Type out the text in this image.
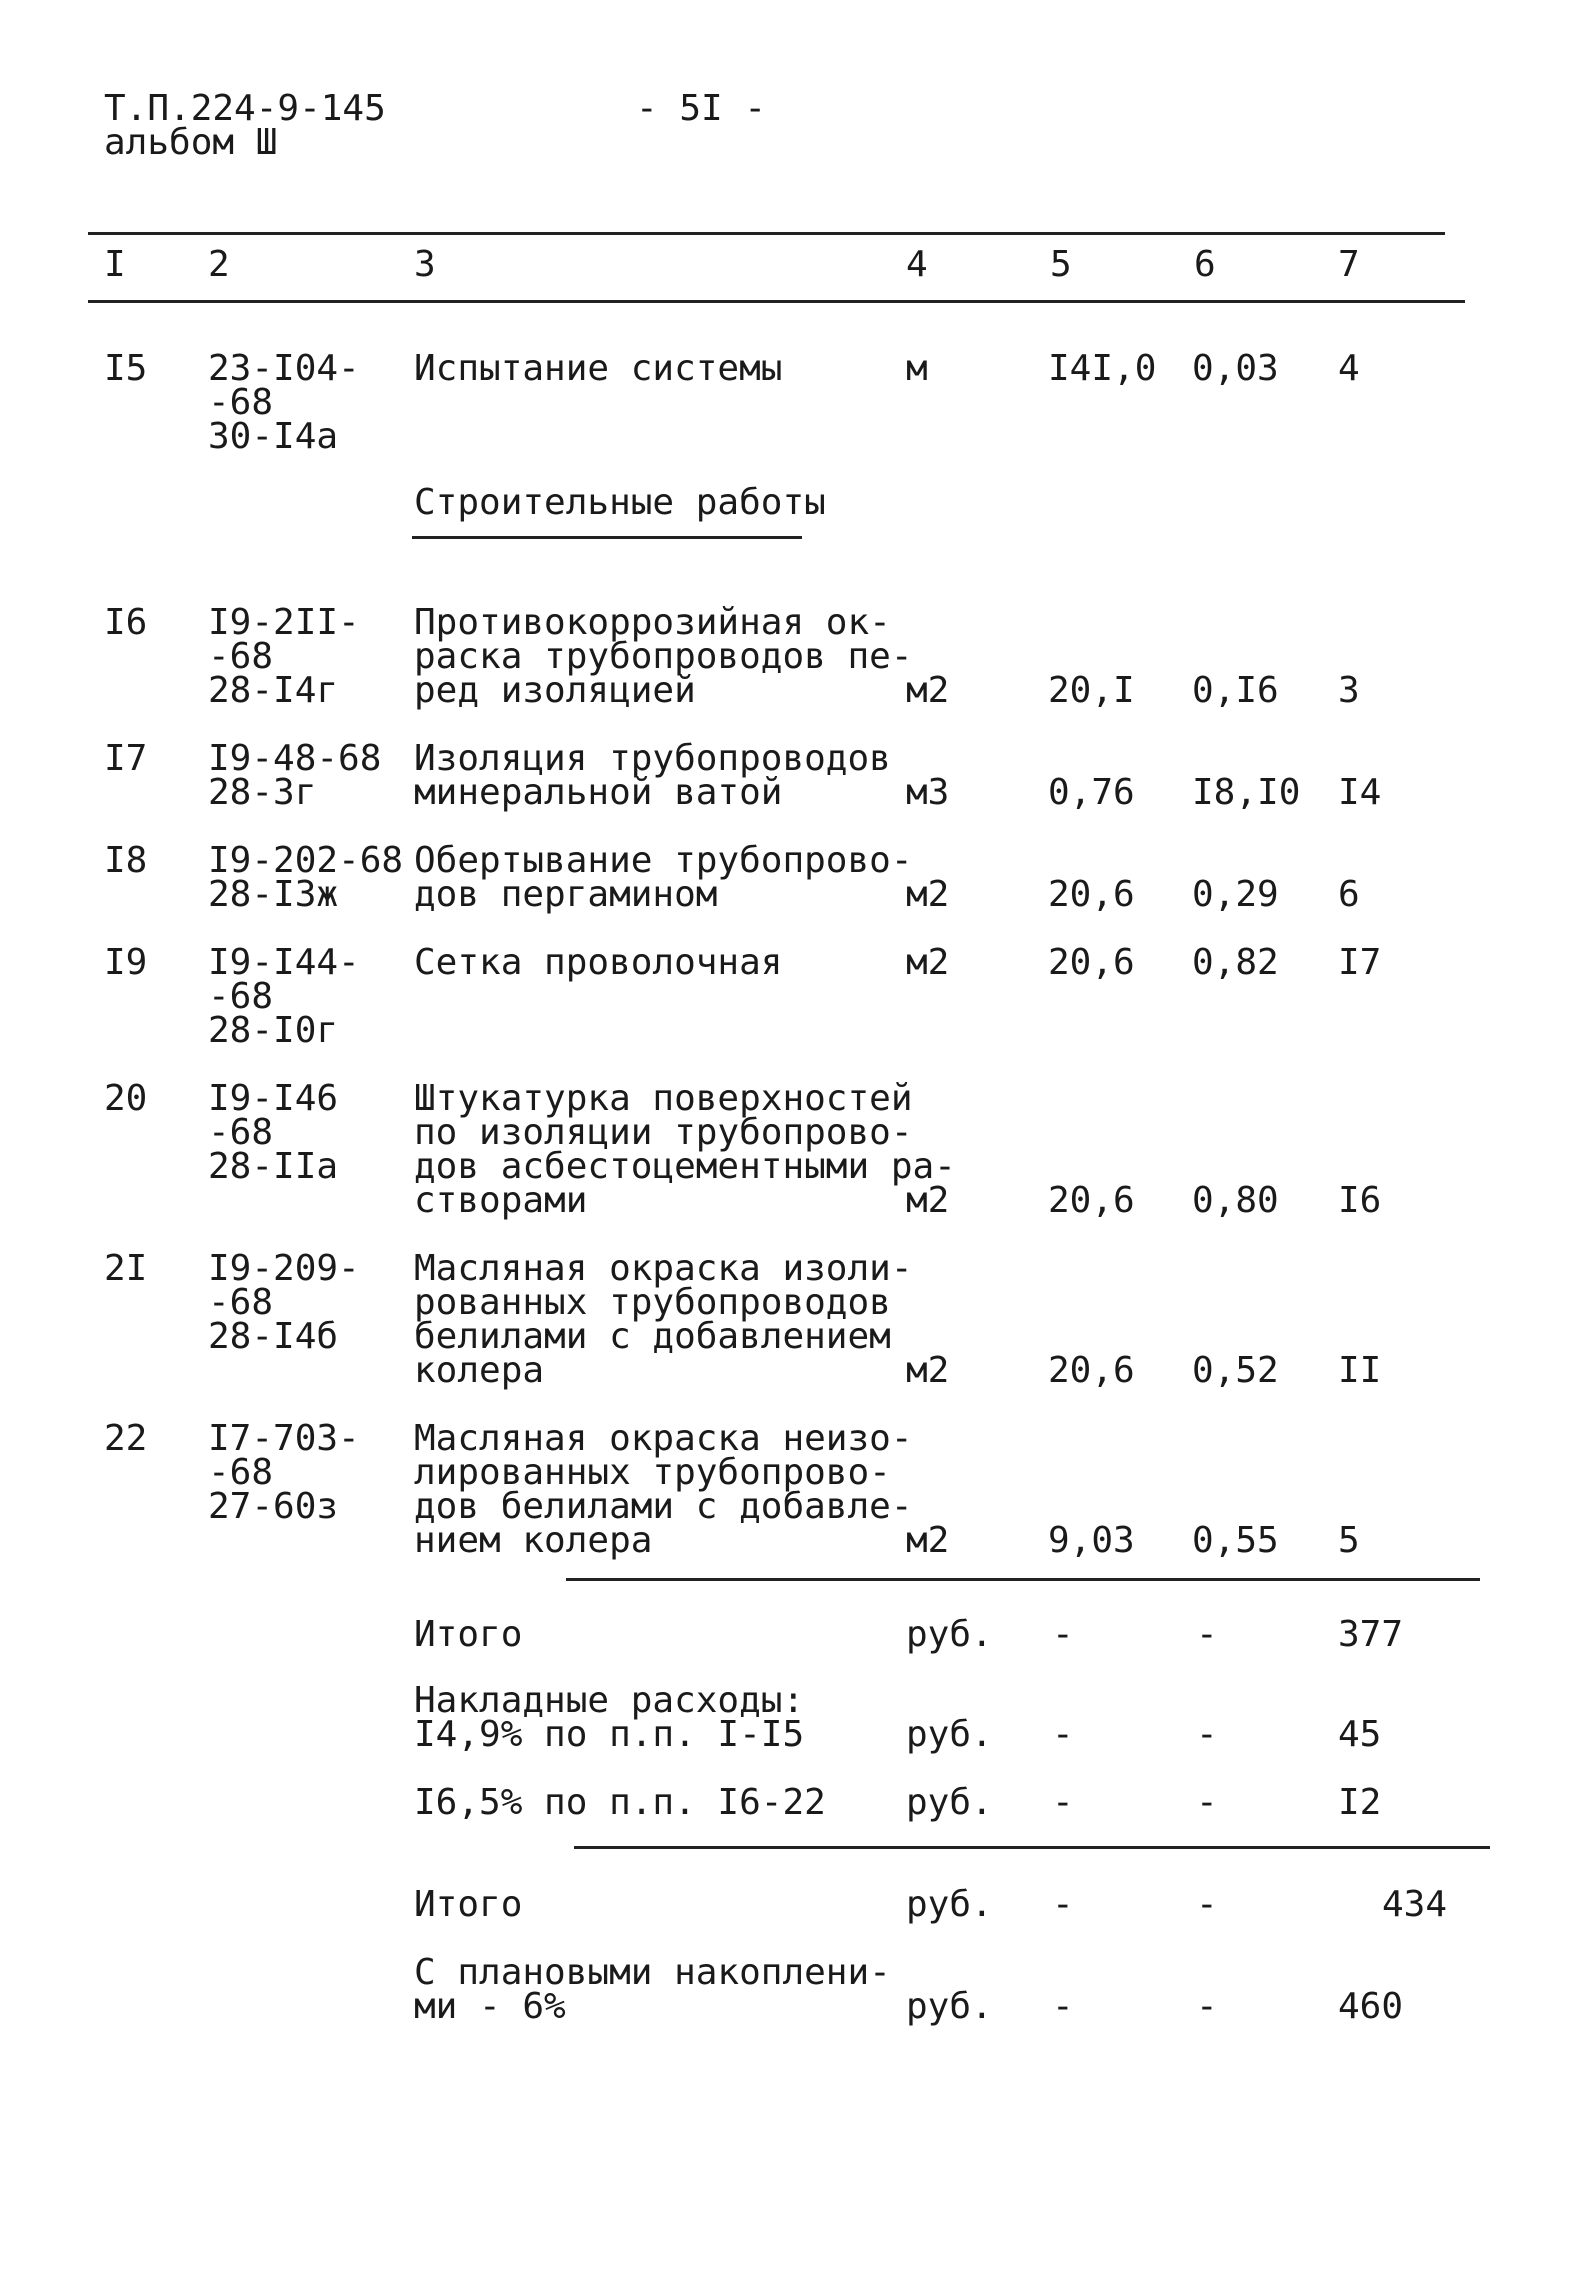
Т.П.224-9-145
альбом Ш
- 5I -
I 2	3	4	5	6	7
I5 23-I04-
-68
30-I4a
Испытание системы	м	I4I,0 0,03 4
Строительные работы
I6 I9-2II-
-68
28-I4г
Противокоррозийная ок-
раска трубопроводов пе-
ред изоляцией	м2	20,I 0,I6 3
I7 I9-48-68
28-3г
Изоляция трубопроводов
минеральной ватой	м3	0,76 I8,I0 I4
I8 I9-202-68
28-I3ж
Обертывание трубопрово-
дов пергамином	м2	20,6 0,29 6
I9 I9-I44-
-68
28-I0г
Сетка проволочная	м2	20,6 0,82 I7
20 I9-I46
-68
28-IIa
Штукатурка поверхностей
по изоляции трубопрово-
дов асбестоцементными ра-
створами	м2	20,6 0,80 I6
2I I9-209-
-68
28-I4б
Масляная окраска изоли-
рованных трубопроводов
белилами с добавлением
колера	м2	20,6 0,52 II
22 I7-703-
-68
27-60з
Масляная окраска неизо-
лированных трубопрово-
дов белилами с добавле-
нием колера	м2	9,03 0,55 5
Итого	руб. -	-	377
Накладные расходы:
I4,9% по п.п. I-I5	руб. -	-	45
I6,5% по п.п. I6-22 руб. -	-	I2
Итого	руб. -	-	434
С плановыми накоплени-
ми - 6%	руб. -	-	460
